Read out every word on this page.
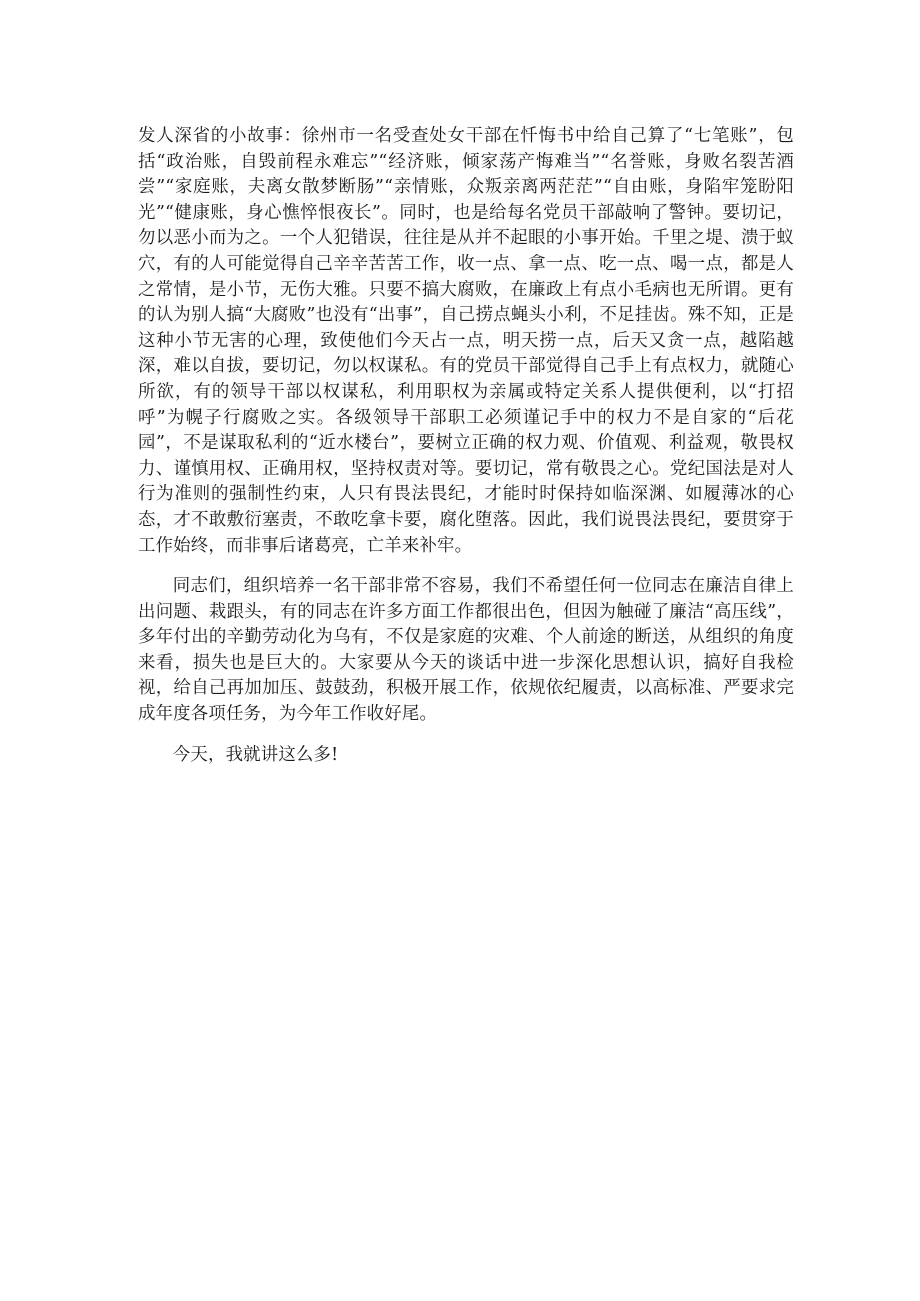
发人深省的小故事：徐州市一名受查处女干部在忏悔书中给自己算了“七笔账”，包括“政治账，自毁前程永难忘”“经济账，倾家荡产悔难当”“名誉账，身败名裂苦酒尝”“家庭账，夫离女散梦断肠”“亲情账，众叛亲离两茫茫”“自由账，身陷牢笼盼阳光”“健康账，身心憔悴恨夜长”。同时，也是给每名党员干部敲响了警钟。要切记，勿以恶小而为之。一个人犯错误，往往是从并不起眼的小事开始。千里之堤、溃于蚁穴，有的人可能觉得自己辛辛苦苦工作，收一点、拿一点、吃一点、喝一点，都是人之常情，是小节，无伤大雅。只要不搞大腐败，在廉政上有点小毛病也无所谓。更有的认为别人搞“大腐败”也没有“出事”，自己捞点蝇头小利，不足挂齿。殊不知，正是这种小节无害的心理，致使他们今天占一点，明天捞一点，后天又贪一点，越陷越深，难以自拔，要切记，勿以权谋私。有的党员干部觉得自己手上有点权力，就随心所欲，有的领导干部以权谋私，利用职权为亲属或特定关系人提供便利，以“打招呼”为幌子行腐败之实。各级领导干部职工必须谨记手中的权力不是自家的“后花园”，不是谋取私利的“近水楼台”，要树立正确的权力观、价值观、利益观，敬畏权力、谨慎用权、正确用权，坚持权责对等。要切记，常有敬畏之心。党纪国法是对人行为准则的强制性约束，人只有畏法畏纪，才能时时保持如临深渊、如履薄冰的心态，才不敢敷衍塞责，不敢吃拿卡要，腐化堕落。因此，我们说畏法畏纪，要贯穿于工作始终，而非事后诸葛亮，亡羊来补牢。

同志们，组织培养一名干部非常不容易，我们不希望任何一位同志在廉洁自律上出问题、栽跟头，有的同志在许多方面工作都很出色，但因为触碰了廉洁“高压线”，多年付出的辛勤劳动化为乌有，不仅是家庭的灾难、个人前途的断送，从组织的角度来看，损失也是巨大的。大家要从今天的谈话中进一步深化思想认识，搞好自我检视，给自己再加加压、鼓鼓劲，积极开展工作，依规依纪履责，以高标准、严要求完成年度各项任务，为今年工作收好尾。

今天，我就讲这么多!
